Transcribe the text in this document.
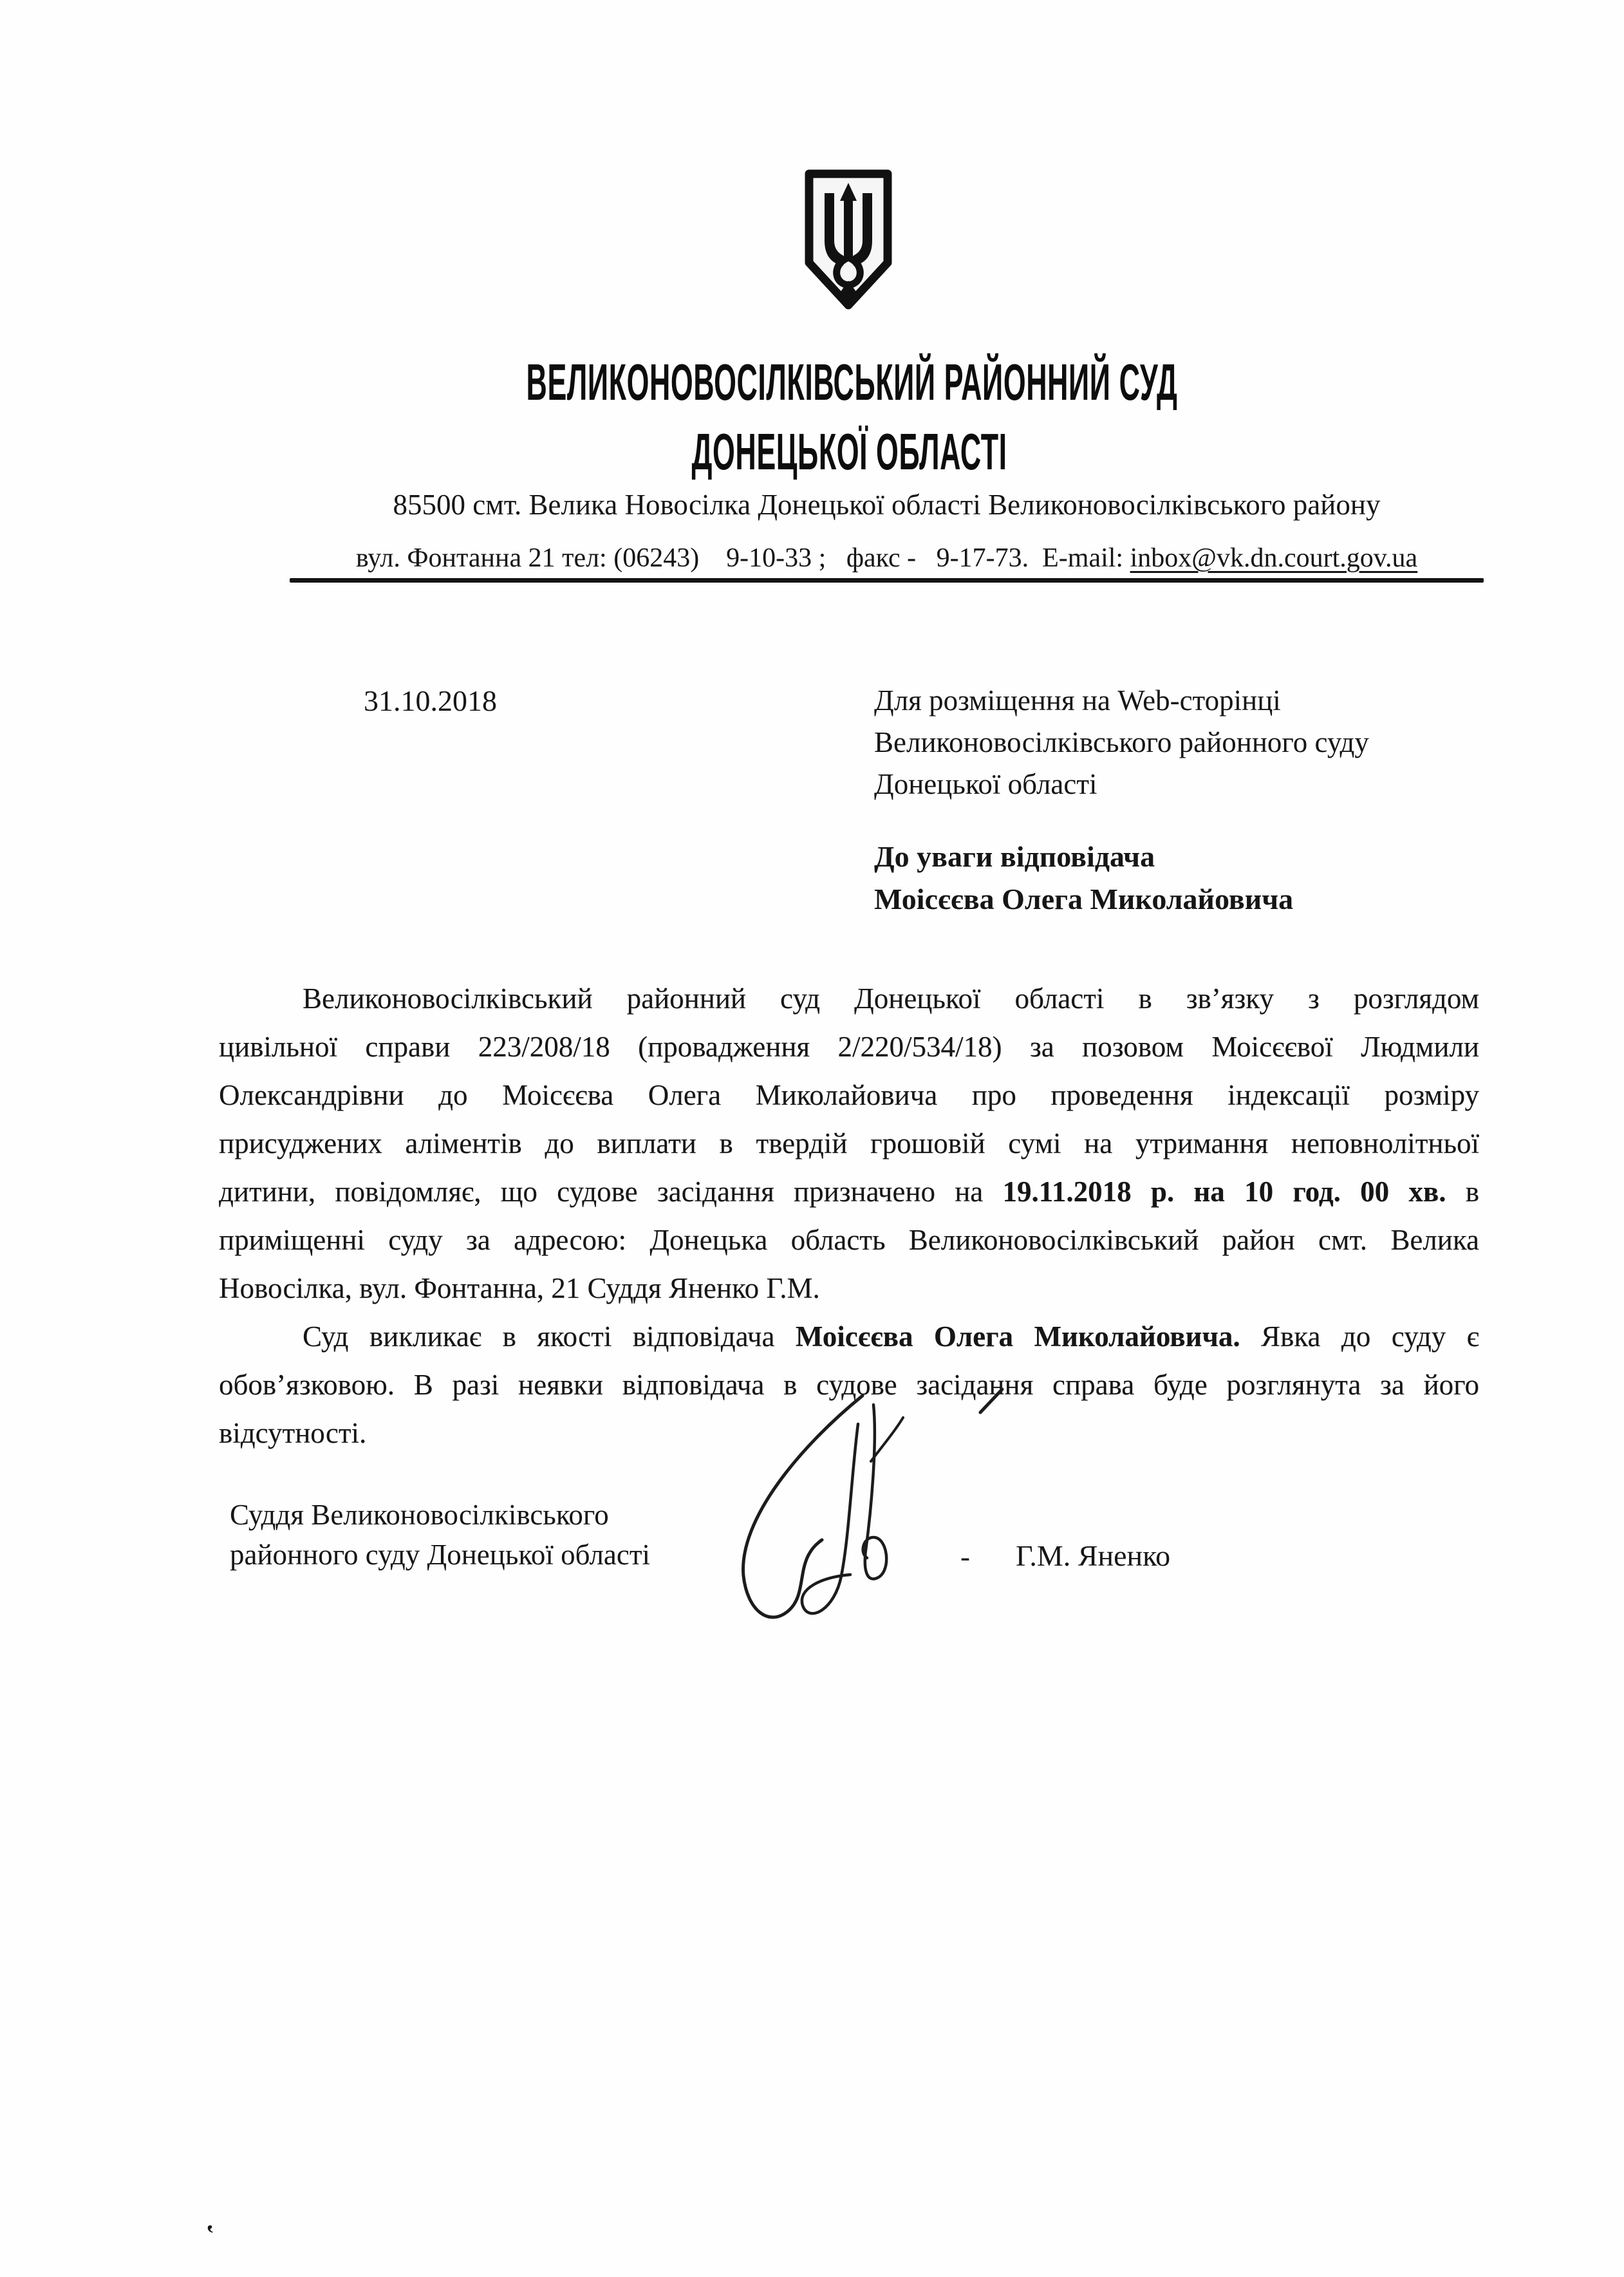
ВЕЛИКОНОВОСІЛКІВСЬКИЙ РАЙОННИЙ СУД
ДОНЕЦЬКОЇ ОБЛАСТІ
85500 смт. Велика Новосілка Донецької області Великоновосілківського району
вул. Фонтанна 21 тел: (06243)    9-10-33 ;   факс -   9-17-73.  E-mail: inbox@vk.dn.court.gov.ua
31.10.2018	Для розміщення на Web-сторінці
Великоновосілківського районного суду
Донецької області
До уваги відповідача
Моісєєва Олега Миколайовича
Великоновосілківський районний суд Донецької області в зв’язку з розглядом
цивільної справи 223/208/18 (провадження 2/220/534/18) за позовом Моісєєвої Людмили
Олександрівни до Моісєєва Олега Миколайовича про проведення індексації розміру
присуджених аліментів до виплати в твердій грошовій сумі на утримання неповнолітньої
дитини, повідомляє, що судове засідання призначено на 19.11.2018 р. на 10 год. 00 хв. в
приміщенні суду за адресою: Донецька область Великоновосілківський район смт. Велика
Новосілка, вул. Фонтанна, 21 Суддя Яненко Г.М.
Суд викликає в якості відповідача Моісєєва Олега Миколайовича. Явка до суду є
обов’язковою. В разі неявки відповідача в судове засідання справа буде розглянута за його
відсутності.
Суддя Великоновосілківського
районного суду Донецької області	- Г.М. Яненко
‛
